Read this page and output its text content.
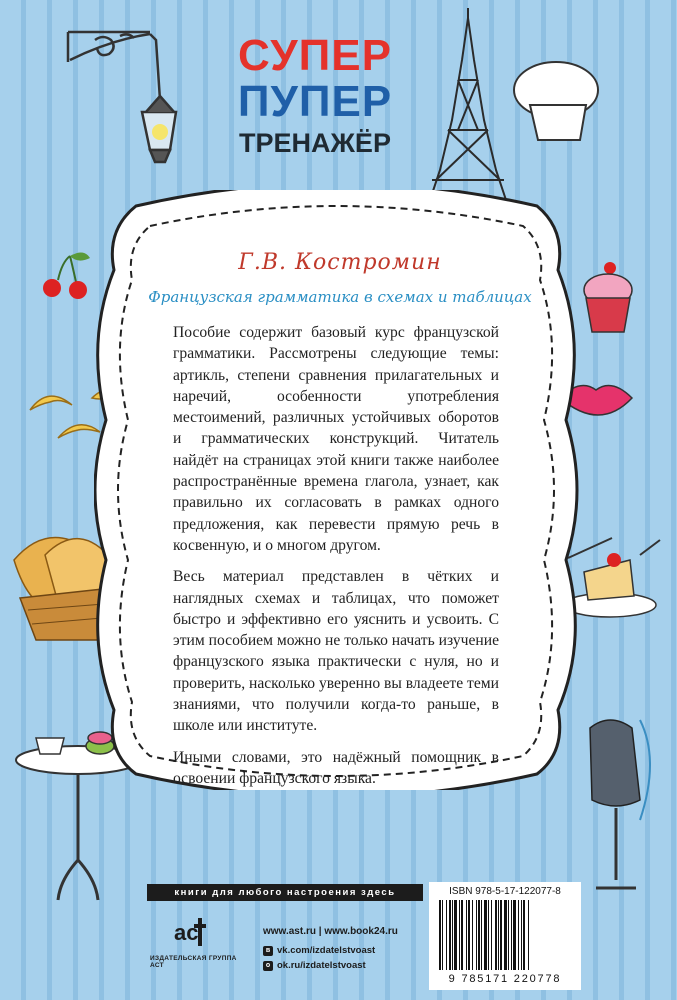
СУПЕР
ПУПЕР
ТРЕНАЖЁР
Г.В. Костромин
Французская грамматика в схемах и таблицах

Пособие содержит базовый курс французской грамматики. Рассмотрены следующие темы: артикль, степени сравнения прилагательных и наречий, особенности употребления местоимений, различных устойчивых оборотов и грамматических конструкций. Читатель найдёт на страницах этой книги также наиболее распространённые времена глагола, узнает, как правильно их согласовать в рамках одного предложения, как перевести прямую речь в косвенную, и о многом другом.

Весь материал представлен в чётких и наглядных схемах и таблицах, что поможет быстро и эффективно его уяснить и усвоить. С этим пособием можно не только начать изучение французского языка практически с нуля, но и проверить, насколько уверенно вы владеете теми знаниями, что получили когда-то раньше, в школе или институте.

Иными словами, это надёжный помощник в освоении французского языка.

книги для любого настроения здесь
ac
ИЗДАТЕЛЬСКАЯ ГРУППА АСТ
www.ast.ru | www.book24.ru
в vk.com/izdatelstvoast
о ok.ru/izdatelstvoast
ISBN 978-5-17-122077-8
9 785171 220778
